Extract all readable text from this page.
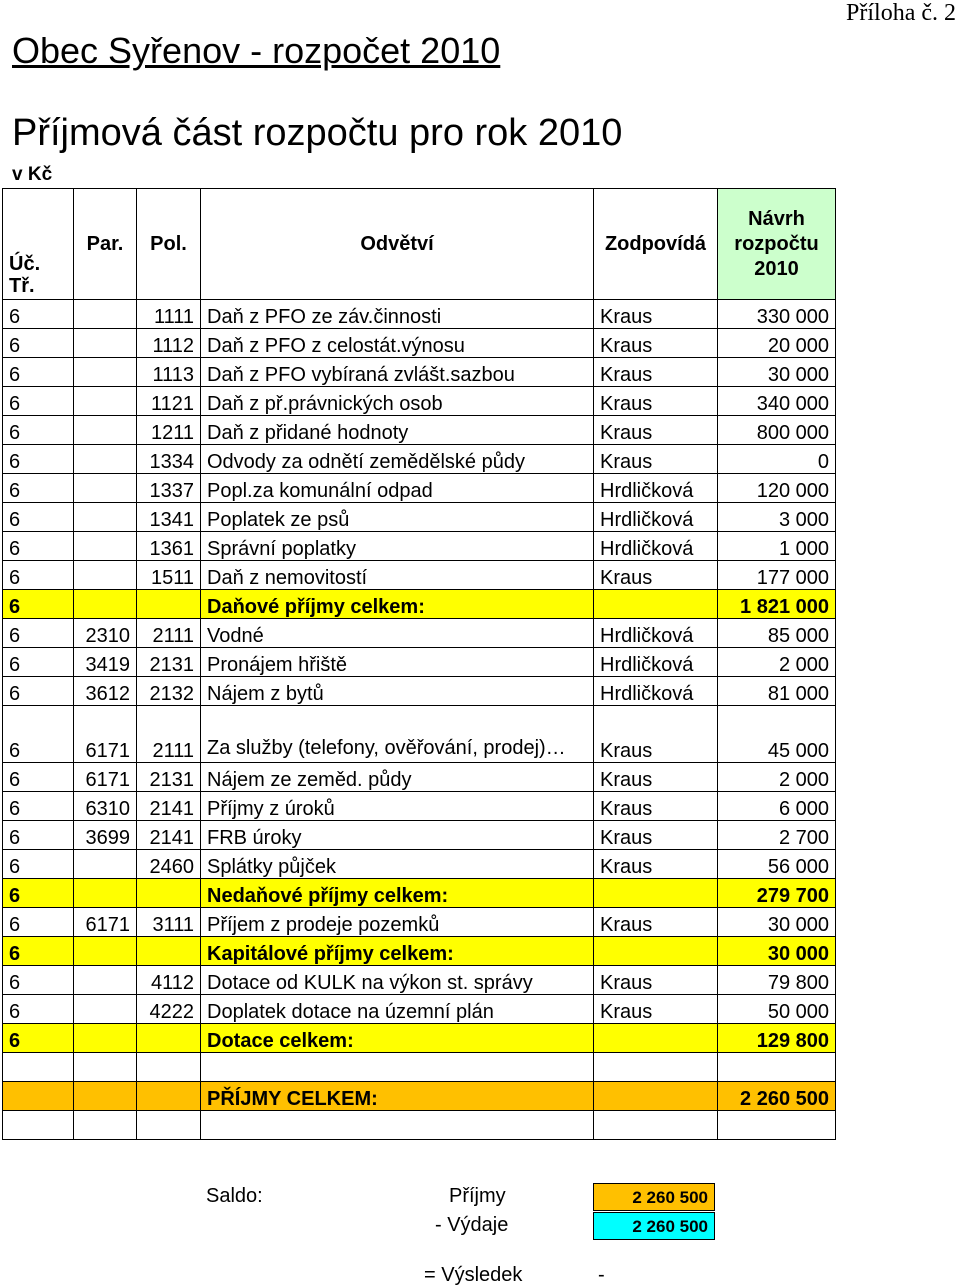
Příloha č. 2
Obec Syřenov - rozpočet 2010
Příjmová část rozpočtu pro rok 2010
v Kč
Úč.
Tř.	Par.	Pol.	Odvětví	Zodpovídá	Návrh
rozpočtu
2010

6		1111	Daň z PFO ze záv.činnosti	Kraus	330 000
6		1112	Daň z PFO z celostát.výnosu	Kraus	20 000
6		1113	Daň z PFO vybíraná zvlášt.sazbou	Kraus	30 000
6		1121	Daň z př.právnických osob	Kraus	340 000
6		1211	Daň z přidané hodnoty	Kraus	800 000
6		1334	Odvody za odnětí zemědělské půdy	Kraus	0
6		1337	Popl.za komunální odpad	Hrdličková	120 000
6		1341	Poplatek ze psů	Hrdličková	3 000
6		1361	Správní poplatky	Hrdličková	1 000
6		1511	Daň z nemovitostí	Kraus	177 000
6			Daňové příjmy celkem:		1 821 000
6	2310	2111	Vodné	Hrdličková	85 000
6	3419	2131	Pronájem hřiště	Hrdličková	2 000
6	3612	2132	Nájem z bytů	Hrdličková	81 000
6	6171	2111	Za služby (telefony, ověřování, prodej)…	Kraus	45 000
6	6171	2131	Nájem ze zeměd. půdy	Kraus	2 000
6	6310	2141	Příjmy z úroků	Kraus	6 000
6	3699	2141	FRB úroky	Kraus	2 700
6		2460	Splátky půjček	Kraus	56 000
6			Nedaňové příjmy celkem:		279 700
6	6171	3111	Příjem z prodeje pozemků	Kraus	30 000
6			Kapitálové příjmy celkem:		30 000
6		4112	Dotace od KULK na výkon st. správy	Kraus	79 800
6		4222	Doplatek dotace na územní plán	Kraus	50 000
6			Dotace celkem:		129 800

			PŘÍJMY CELKEM:		2 260 500

Saldo:	Příjmy	2 260 500
- Výdaje	2 260 500
= Výsledek	-
